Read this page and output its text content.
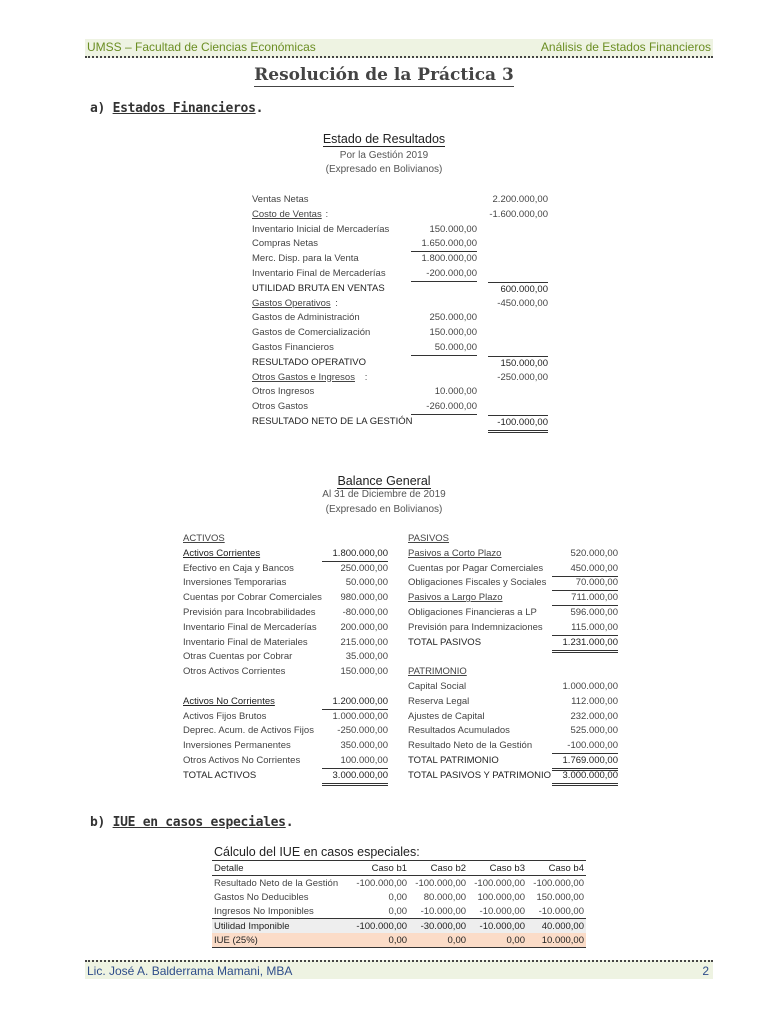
UMSS – Facultad de Ciencias Económicas	Análisis de Estados Financieros
Resolución de la Práctica 3
a) Estados Financieros.
Estado de Resultados
Por la Gestión 2019
(Expresado en Bolivianos)
Ventas Netas	2.200.000,00
Costo de Ventas :	-1.600.000,00
Inventario Inicial de Mercaderías	150.000,00
Compras Netas	1.650.000,00
Merc. Disp. para la Venta	1.800.000,00
Inventario Final de Mercaderías	-200.000,00
UTILIDAD BRUTA EN VENTAS	600.000,00
Gastos Operativos :	-450.000,00
Gastos de Administración	250.000,00
Gastos de Comercialización	150.000,00
Gastos Financieros	50.000,00
RESULTADO OPERATIVO	150.000,00
Otros Gastos e Ingresos :	-250.000,00
Otros Ingresos	10.000,00
Otros Gastos	-260.000,00
RESULTADO NETO DE LA GESTIÓN	-100.000,00
Balance General
Al 31 de Diciembre de 2019
(Expresado en Bolivianos)
ACTIVOS
Activos Corrientes	1.800.000,00
Efectivo en Caja y Bancos	250.000,00
Inversiones Temporarias	50.000,00
Cuentas por Cobrar Comerciales	980.000,00
Previsión para Incobrabilidades	-80.000,00
Inventario Final de Mercaderías	200.000,00
Inventario Final de Materiales	215.000,00
Otras Cuentas por Cobrar	35.000,00
Otros Activos Corrientes	150.000,00
Activos No Corrientes	1.200.000,00
Activos Fijos Brutos	1.000.000,00
Deprec. Acum. de Activos Fijos	-250.000,00
Inversiones Permanentes	350.000,00
Otros Activos No Corrientes	100.000,00
TOTAL ACTIVOS	3.000.000,00
PASIVOS
Pasivos a Corto Plazo	520.000,00
Cuentas por Pagar Comerciales	450.000,00
Obligaciones Fiscales y Sociales	70.000,00
Pasivos a Largo Plazo	711.000,00
Obligaciones Financieras a LP	596.000,00
Previsión para Indemnizaciones	115.000,00
TOTAL PASIVOS	1.231.000,00
PATRIMONIO
Capital Social	1.000.000,00
Reserva Legal	112.000,00
Ajustes de Capital	232.000,00
Resultados Acumulados	525.000,00
Resultado Neto de la Gestión	-100.000,00
TOTAL PATRIMONIO	1.769.000,00
TOTAL PASIVOS Y PATRIMONIO	3.000.000,00
b) IUE en casos especiales.
Cálculo del IUE en casos especiales:
Detalle	Caso b1	Caso b2	Caso b3	Caso b4
Resultado Neto de la Gestión	-100.000,00	-100.000,00	-100.000,00	-100.000,00
Gastos No Deducibles	0,00	80.000,00	100.000,00	150.000,00
Ingresos No Imponibles	0,00	-10.000,00	-10.000,00	-10.000,00
Utilidad Imponible	-100.000,00	-30.000,00	-10.000,00	40.000,00
IUE (25%)	0,00	0,00	0,00	10.000,00
Lic. José A. Balderrama Mamani, MBA	2
